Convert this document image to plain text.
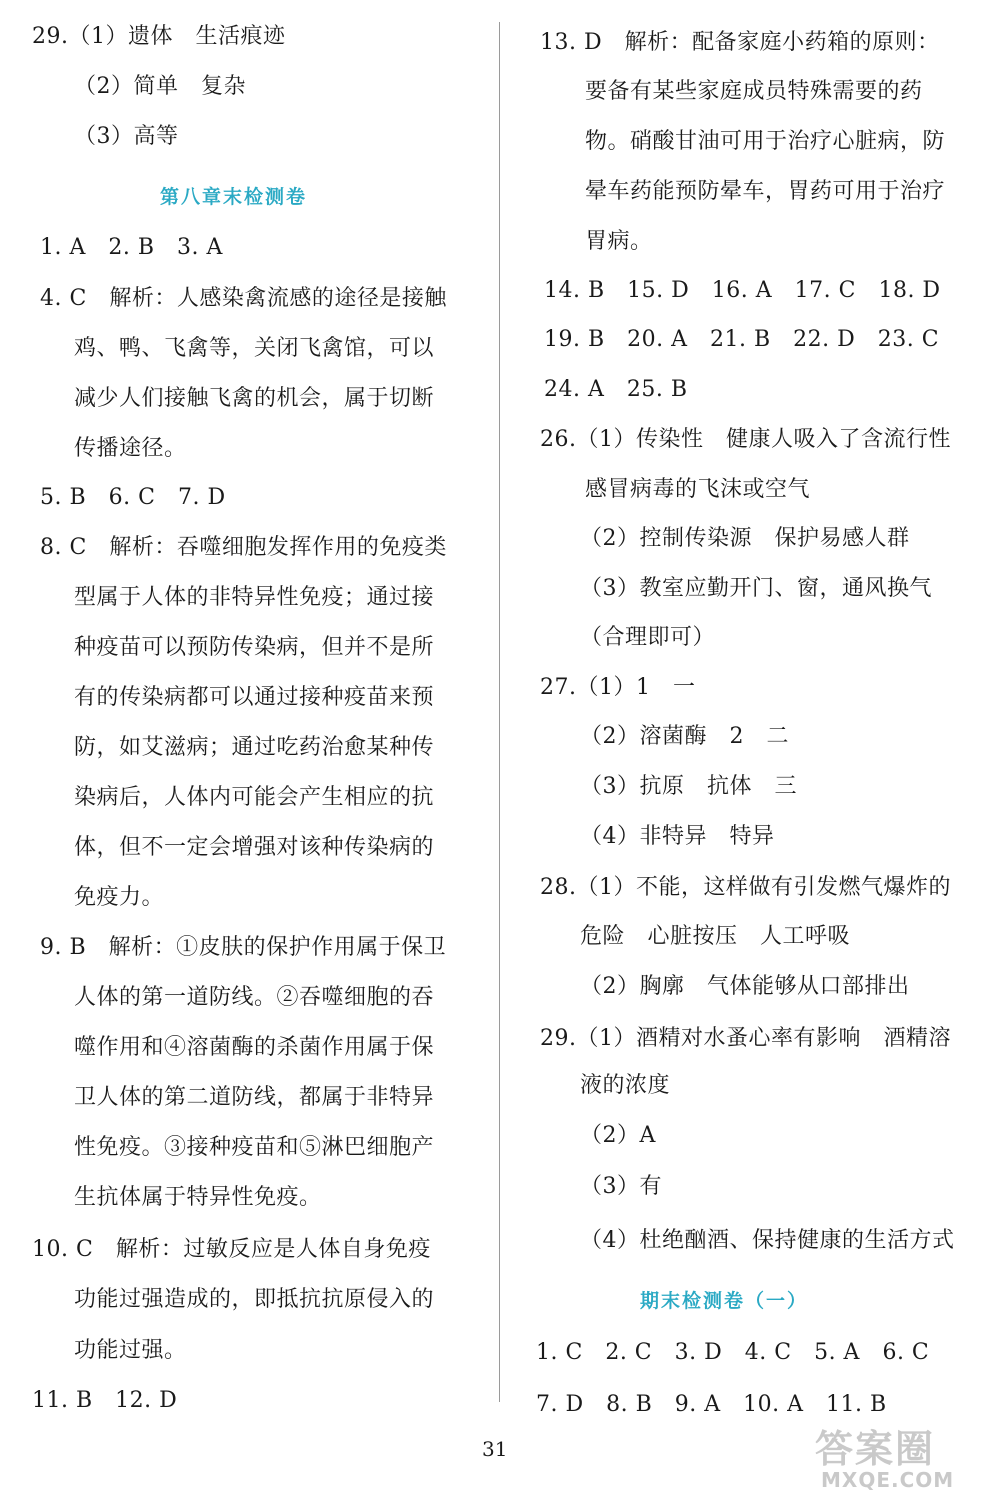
29.（1）遗体　生活痕迹
（2）简单　复杂
（3）高等
第八章末检测卷
1. A　2. B　3. A
4. C　解析：人感染禽流感的途径是接触
鸡、鸭、飞禽等，关闭飞禽馆，可以
减少人们接触飞禽的机会，属于切断
传播途径。
5. B　6. C　7. D
8. C　解析：吞噬细胞发挥作用的免疫类
型属于人体的非特异性免疫；通过接
种疫苗可以预防传染病，但并不是所
有的传染病都可以通过接种疫苗来预
防，如艾滋病；通过吃药治愈某种传
染病后，人体内可能会产生相应的抗
体，但不一定会增强对该种传染病的
免疫力。
9. B　解析：①皮肤的保护作用属于保卫
人体的第一道防线。②吞噬细胞的吞
噬作用和④溶菌酶的杀菌作用属于保
卫人体的第二道防线，都属于非特异
性免疫。③接种疫苗和⑤淋巴细胞产
生抗体属于特异性免疫。
10. C　解析：过敏反应是人体自身免疫
功能过强造成的，即抵抗抗原侵入的
功能过强。
11. B　12. D
13. D　解析：配备家庭小药箱的原则：
要备有某些家庭成员特殊需要的药
物。硝酸甘油可用于治疗心脏病，防
晕车药能预防晕车，胃药可用于治疗
胃病。
14. B　15. D　16. A　17. C　18. D
19. B　20. A　21. B　22. D　23. C
24. A　25. B
26.（1）传染性　健康人吸入了含流行性
感冒病毒的飞沫或空气
（2）控制传染源　保护易感人群
（3）教室应勤开门、窗，通风换气
（合理即可）
27.（1）1　一
（2）溶菌酶　2　二
（3）抗原　抗体　三
（4）非特异　特异
28.（1）不能，这样做有引发燃气爆炸的
危险　心脏按压　人工呼吸
（2）胸廓　气体能够从口部排出
29.（1）酒精对水蚤心率有影响　酒精溶
液的浓度
（2）A
（3）有
（4）杜绝酗酒、保持健康的生活方式
期末检测卷（一）
1. C　2. C　3. D　4. C　5. A　6. C
7. D　8. B　9. A　10. A　11. B
31	答案圈
MXQE.COM
